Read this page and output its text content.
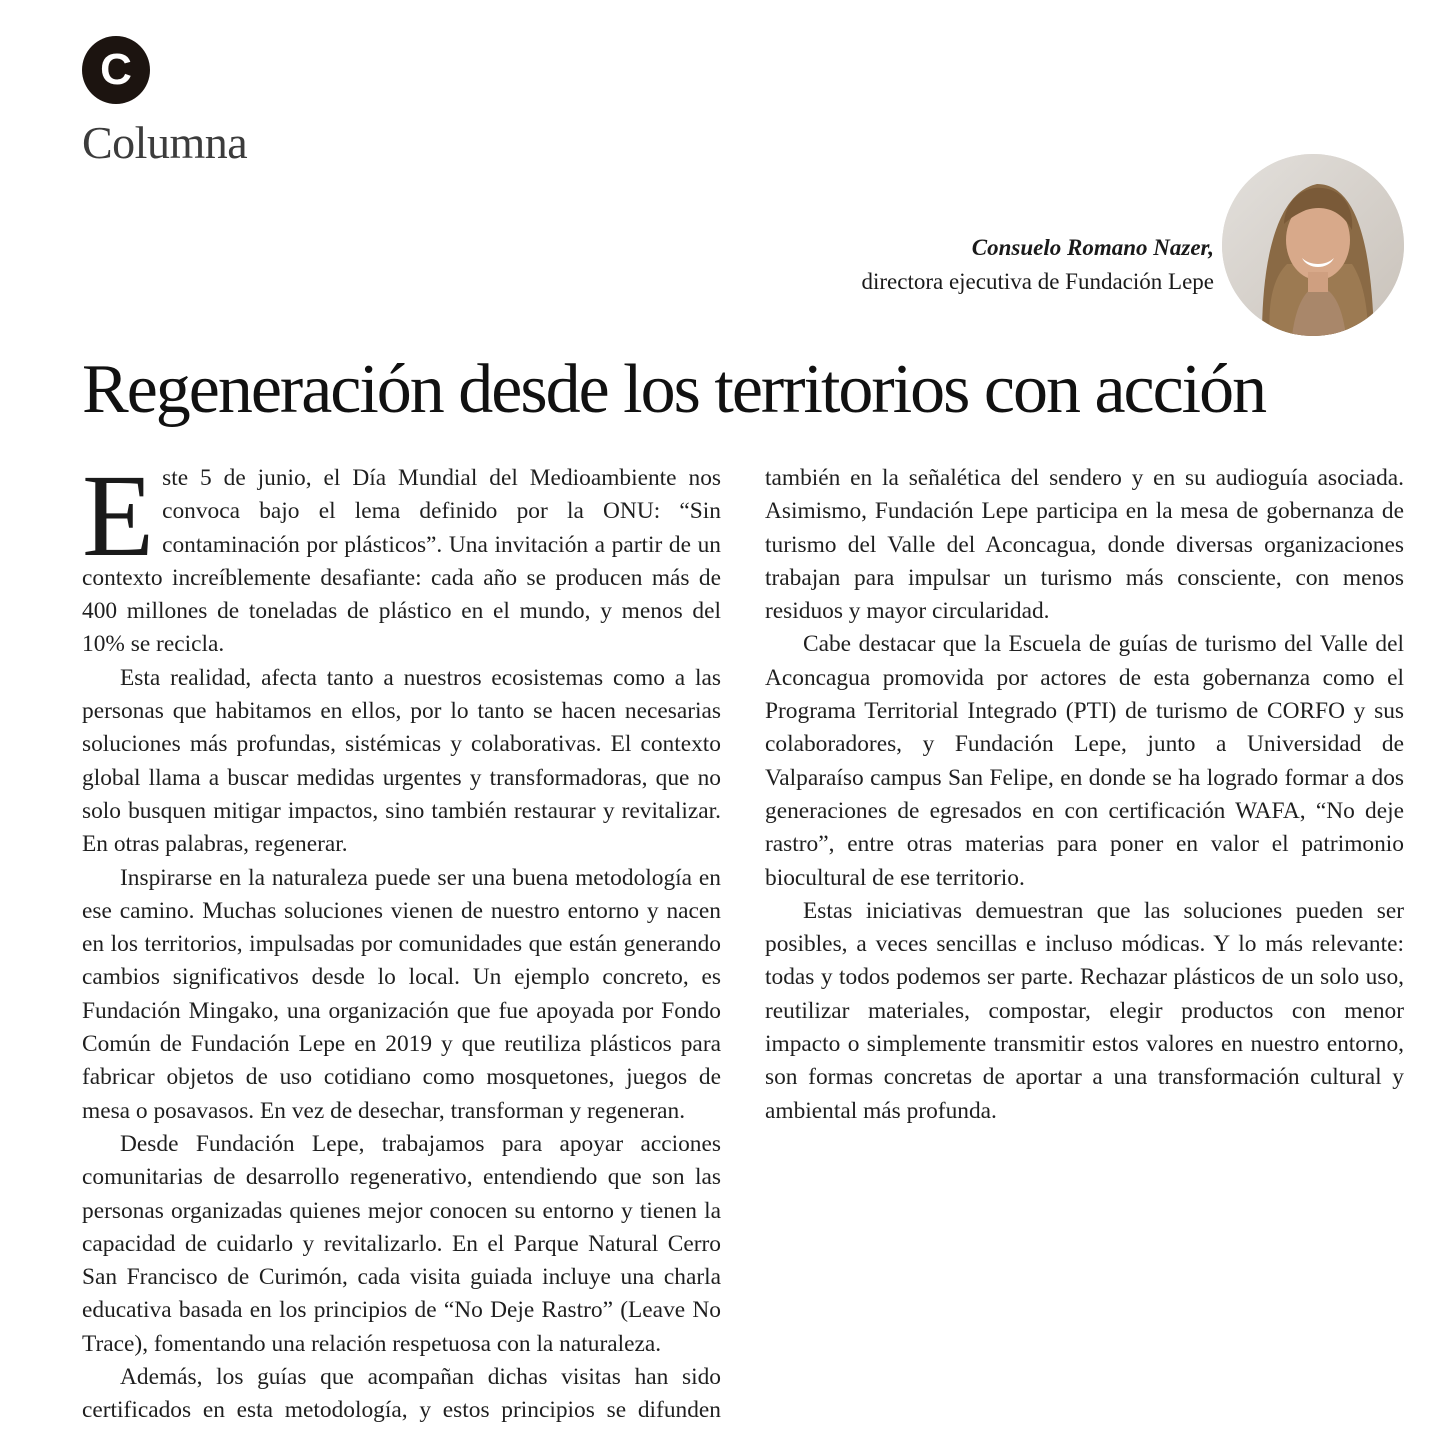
C
Columna
Consuelo Romano Nazer,
directora ejecutiva de Fundación Lepe
Regeneración desde los territorios con acción

Este 5 de junio, el Día Mundial del Medioambiente nos convoca bajo el lema definido por la ONU: “Sin contaminación por plásticos”. Una invitación a partir de un contexto increíblemente desafiante: cada año se producen más de 400 millones de toneladas de plástico en el mundo, y menos del 10% se recicla.

Esta realidad, afecta tanto a nuestros ecosistemas como a las personas que habitamos en ellos, por lo tanto se hacen necesarias soluciones más profundas, sistémicas y colaborativas. El contexto global llama a buscar medidas urgentes y transformadoras, que no solo busquen mitigar impactos, sino también restaurar y revitalizar. En otras palabras, regenerar.

Inspirarse en la naturaleza puede ser una buena metodología en ese camino. Muchas soluciones vienen de nuestro entorno y nacen en los territorios, impulsadas por comunidades que están generando cambios significativos desde lo local. Un ejemplo concreto, es Fundación Mingako, una organización que fue apoyada por Fondo Común de Fundación Lepe en 2019 y que reutiliza plásticos para fabricar objetos de uso cotidiano como mosquetones, juegos de mesa o posavasos. En vez de desechar, transforman y regeneran.

Desde Fundación Lepe, trabajamos para apoyar acciones comunitarias de desarrollo regenerativo, entendiendo que son las personas organizadas quienes mejor conocen su entorno y tienen la capacidad de cuidarlo y revitalizarlo. En el Parque Natural Cerro San Francisco de Curimón, cada visita guiada incluye una charla educativa basada en los principios de “No Deje Rastro” (Leave No Trace), fomentando una relación respetuosa con la naturaleza.

Además, los guías que acompañan dichas visitas han sido certificados en esta metodología, y estos principios se difunden también en la señalética del sendero y en su audioguía asociada. Asimismo, Fundación Lepe participa en la mesa de gobernanza de turismo del Valle del Aconcagua, donde diversas organizaciones trabajan para impulsar un turismo más consciente, con menos residuos y mayor circularidad.

Cabe destacar que la Escuela de guías de turismo del Valle del Aconcagua promovida por actores de esta gobernanza como el Programa Territorial Integrado (PTI) de turismo de CORFO y sus colaboradores, y Fundación Lepe, junto a Universidad de Valparaíso campus San Felipe, en donde se ha logrado formar a dos generaciones de egresados en con certificación WAFA, “No deje rastro”, entre otras materias para poner en valor el patrimonio biocultural de ese territorio.

Estas iniciativas demuestran que las soluciones pueden ser posibles, a veces sencillas e incluso módicas. Y lo más relevante: todas y todos podemos ser parte. Rechazar plásticos de un solo uso, reutilizar materiales, compostar, elegir productos con menor impacto o simplemente transmitir estos valores en nuestro entorno, son formas concretas de aportar a una transformación cultural y ambiental más profunda.
